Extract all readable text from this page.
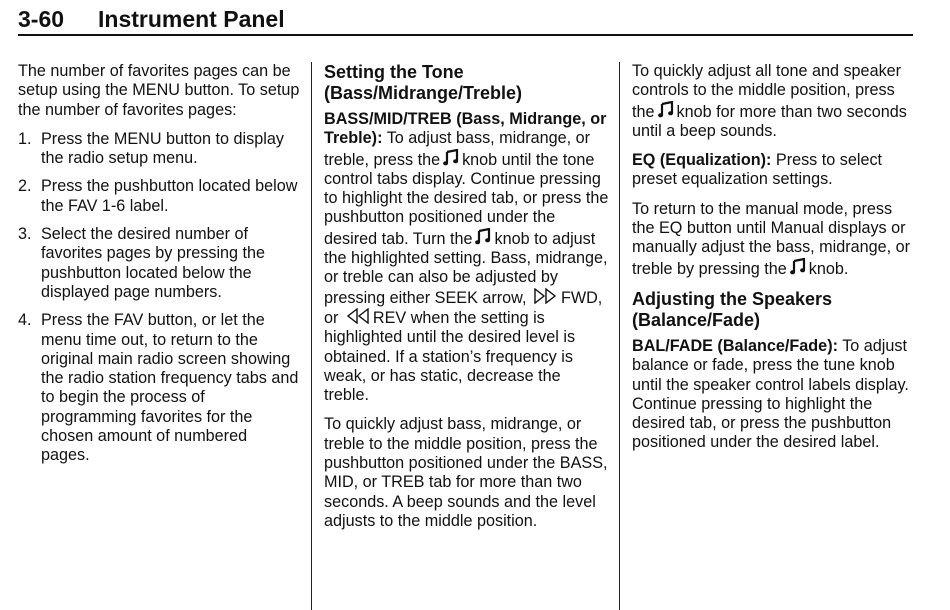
3-60 Instrument Panel

The number of favorites pages can be setup using the MENU button. To setup the number of favorites pages:

1. Press the MENU button to display the radio setup menu.
2. Press the pushbutton located below the FAV 1-6 label.
3. Select the desired number of favorites pages by pressing the pushbutton located below the displayed page numbers.
4. Press the FAV button, or let the menu time out, to return to the original main radio screen showing the radio station frequency tabs and to begin the process of programming favorites for the chosen amount of numbered pages.
Setting the Tone (Bass/Midrange/Treble)

BASS/MID/TREB (Bass, Midrange, or Treble): To adjust bass, midrange, or treble, press the knob until the tone control tabs display. Continue pressing to highlight the desired tab, or press the pushbutton positioned under the desired tab. Turn the knob to adjust the highlighted setting. Bass, midrange, or treble can also be adjusted by pressing either SEEK arrow, FWD, or REV when the setting is highlighted until the desired level is obtained. If a station’s frequency is weak, or has static, decrease the treble.

To quickly adjust bass, midrange, or treble to the middle position, press the pushbutton positioned under the BASS, MID, or TREB tab for more than two seconds. A beep sounds and the level adjusts to the middle position.

To quickly adjust all tone and speaker controls to the middle position, press the knob for more than two seconds until a beep sounds.

EQ (Equalization): Press to select preset equalization settings.

To return to the manual mode, press the EQ button until Manual displays or manually adjust the bass, midrange, or treble by pressing the knob.

Adjusting the Speakers (Balance/Fade)

BAL/FADE (Balance/Fade): To adjust balance or fade, press the tune knob until the speaker control labels display. Continue pressing to highlight the desired tab, or press the pushbutton positioned under the desired label.
